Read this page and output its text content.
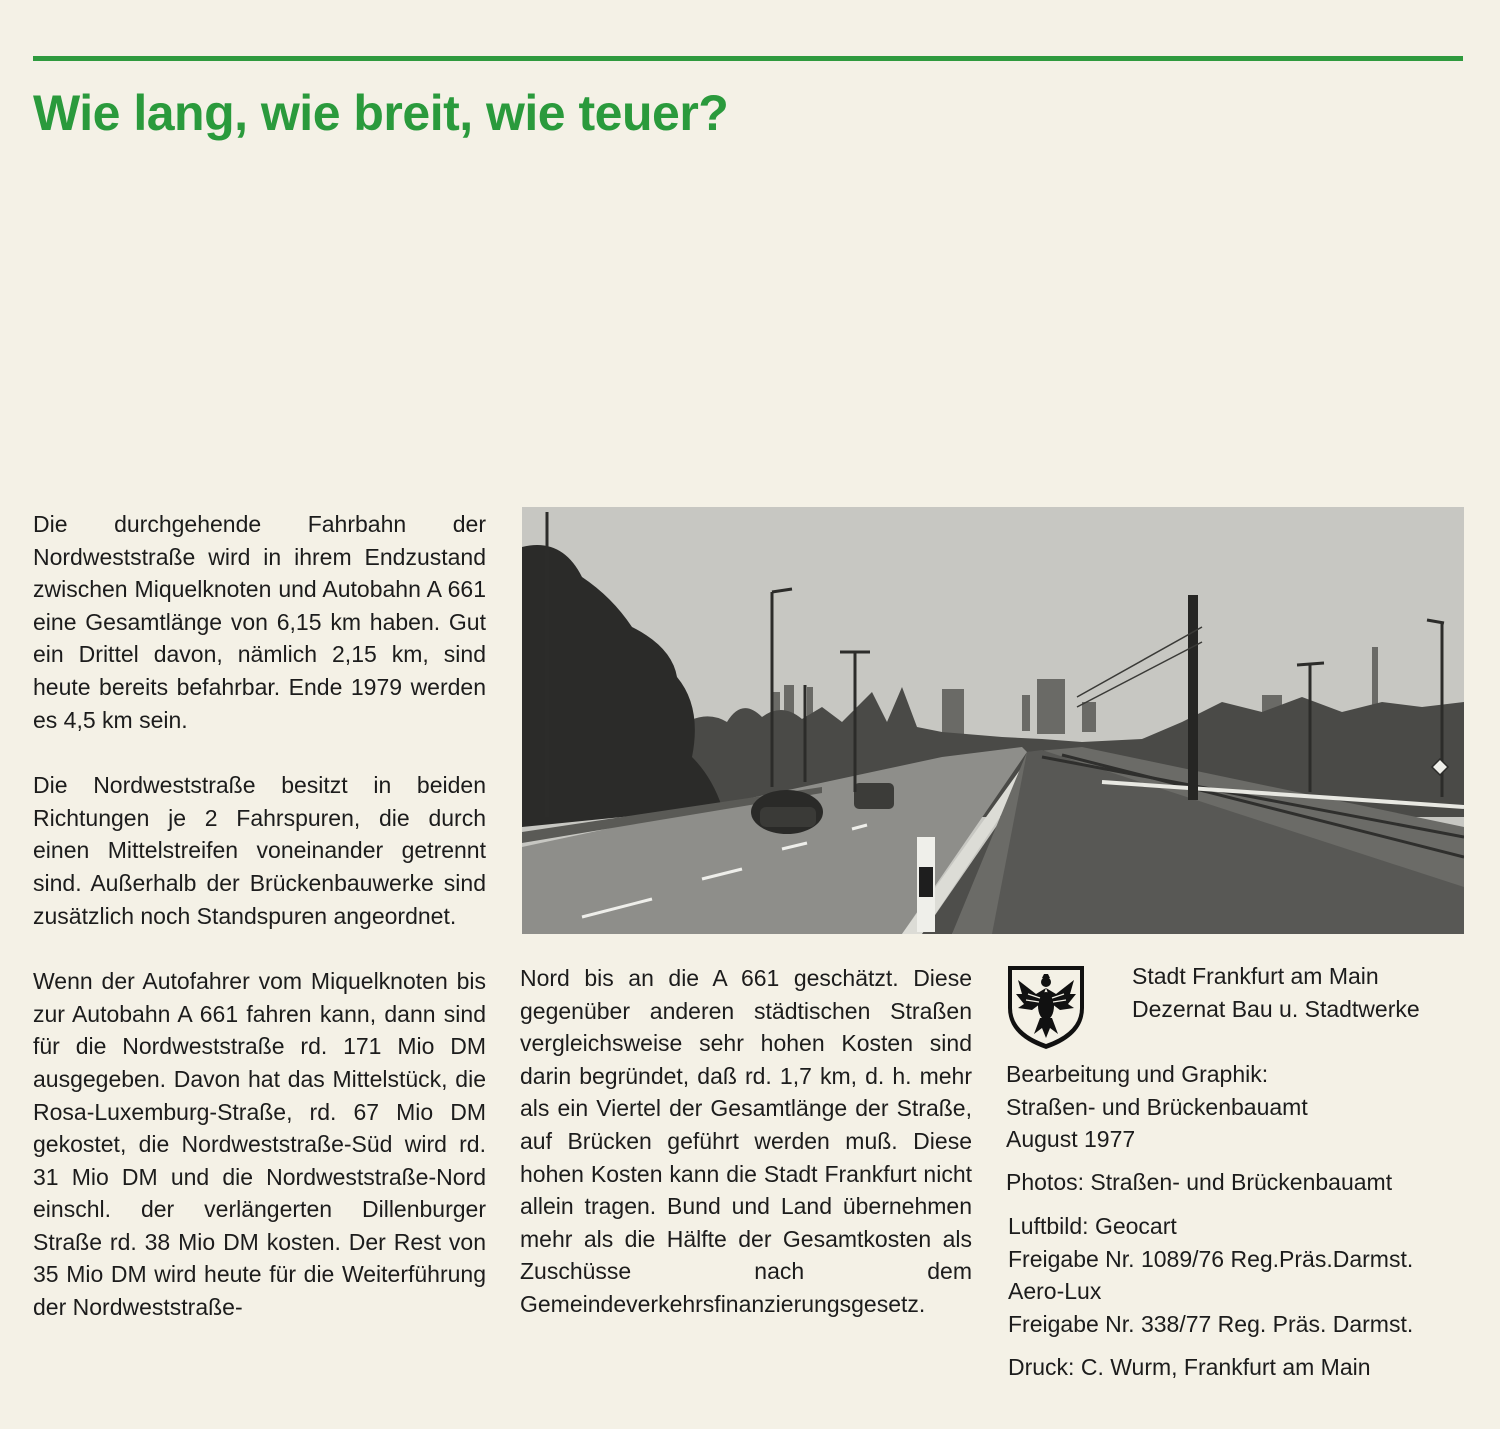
Wie lang, wie breit, wie teuer?

Die durchgehende Fahrbahn der Nordweststraße wird in ihrem Endzustand zwischen Miquelknoten und Autobahn A 661 eine Gesamtlänge von 6,15 km haben. Gut ein Drittel davon, nämlich 2,15 km, sind heute bereits befahrbar. Ende 1979 werden es 4,5 km sein.

Die Nordweststraße besitzt in beiden Richtungen je 2 Fahrspuren, die durch einen Mittelstreifen voneinander getrennt sind. Außerhalb der Brückenbauwerke sind zusätzlich noch Standspuren angeordnet.

Wenn der Autofahrer vom Miquelknoten bis zur Autobahn A 661 fahren kann, dann sind für die Nordweststraße rd. 171 Mio DM ausgegeben. Davon hat das Mittelstück, die Rosa-Luxemburg-Straße, rd. 67 Mio DM gekostet, die Nordweststraße-Süd wird rd. 31 Mio DM und die Nordweststraße-Nord einschl. der verlängerten Dillenburger Straße rd. 38 Mio DM kosten. Der Rest von 35 Mio DM wird heute für die Weiterführung der Nordweststraße-

Nord bis an die A 661 geschätzt. Diese gegenüber anderen städtischen Straßen vergleichsweise sehr hohen Kosten sind darin begründet, daß rd. 1,7 km, d. h. mehr als ein Viertel der Gesamtlänge der Straße, auf Brücken geführt werden muß. Diese hohen Kosten kann die Stadt Frankfurt nicht allein tragen. Bund und Land übernehmen mehr als die Hälfte der Gesamtkosten als Zuschüsse nach dem Gemeindeverkehrsfinanzierungsgesetz.

Stadt Frankfurt am Main
Dezernat Bau u. Stadtwerke
Bearbeitung und Graphik:
Straßen- und Brückenbauamt
August 1977
Photos: Straßen- und Brückenbauamt
Luftbild: Geocart
Freigabe Nr. 1089/76 Reg.Präs.Darmst.
Aero-Lux
Freigabe Nr. 338/77 Reg. Präs. Darmst.
Druck: C. Wurm, Frankfurt am Main
